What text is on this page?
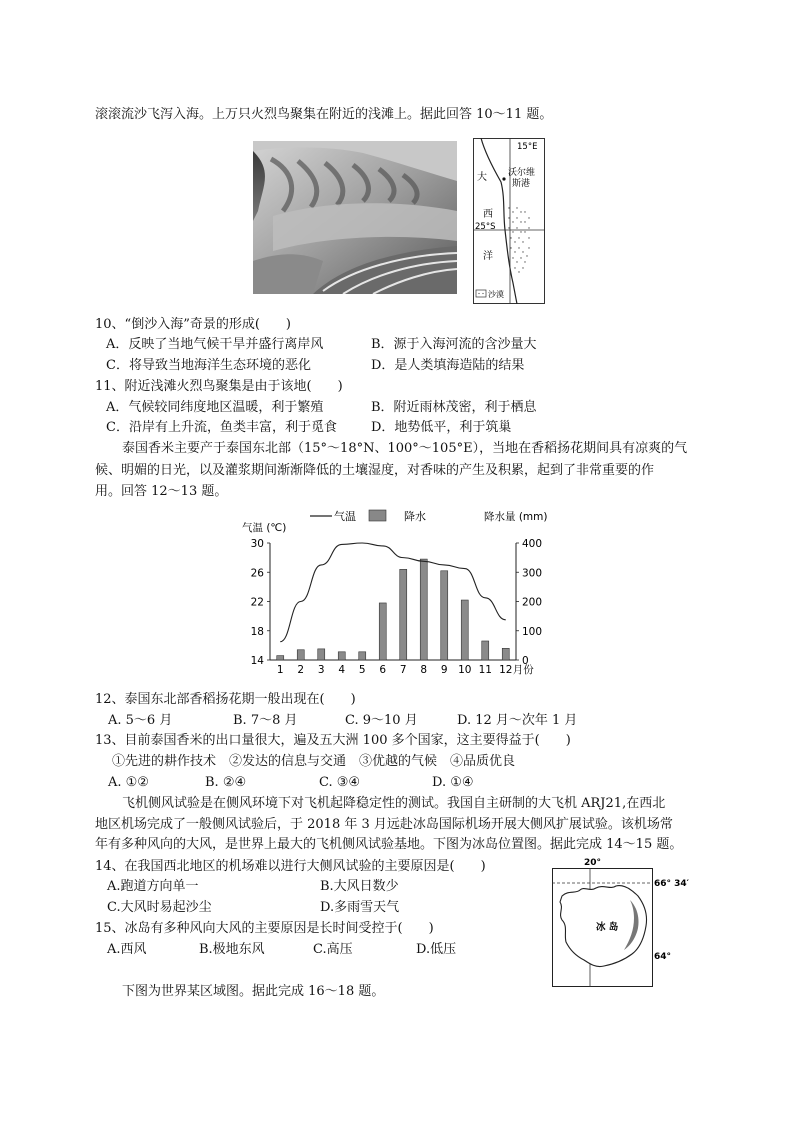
滚滚流沙飞泻入海。上万只火烈鸟聚集在附近的浅滩上。据此回答 10～11 题。
15°E
沃尔维
斯港
大
西
25°S
洋
沙漠
10、“倒沙入海”奇景的形成(　　)
A．反映了当地气候干旱并盛行离岸风	B．源于入海河流的含沙量大
C．将导致当地海洋生态环境的恶化	D．是人类填海造陆的结果
11、附近浅滩火烈鸟聚集是由于该地(　　)
A．气候较同纬度地区温暖，利于繁殖	B．附近雨林茂密，利于栖息
C．沿岸有上升流，鱼类丰富，利于觅食	D．地势低平，利于筑巢
泰国香米主要产于泰国东北部（15°～18°N、100°～105°E），当地在香稻扬花期间具有凉爽的气
候、明媚的日光，以及灌浆期间渐渐降低的土壤湿度，对香味的产生及积累，起到了非常重要的作
用。回答 12～13 题。
气温	降水
气温 (℃)
降水量 (mm)
1 2 3 4 5 6 7 8 9 10 11 12 月份
14
18
22
26
30
0
100
200
300
400
12、泰国东北部香稻扬花期一般出现在(　　)
A. 5～6 月	B. 7～8 月	C. 9～10 月	D. 12 月～次年 1 月
13、目前泰国香米的出口量很大，遍及五大洲 100 多个国家，这主要得益于(　　)
①先进的耕作技术　②发达的信息与交通　③优越的气候　④品质优良
A. ①②	B. ②④	C. ③④	D. ①④
飞机侧风试验是在侧风环境下对飞机起降稳定性的测试。我国自主研制的大飞机 ARJ21,在西北
地区机场完成了一般侧风试验后，于 2018 年 3 月远赴冰岛国际机场开展大侧风扩展试验。该机场常
年有多种风向的大风，是世界上最大的飞机侧风试验基地。下图为冰岛位置图。据此完成 14～15 题。
14、在我国西北地区的机场难以进行大侧风试验的主要原因是(　　)
A.跑道方向单一	B.大风日数少
C.大风时易起沙尘	D.多雨雪天气
15、冰岛有多种风向大风的主要原因是长时间受控于(　　)
A.西风	B.极地东风	C.高压	D.低压
20°
66° 34′
64°
冰 岛
下图为世界某区域图。据此完成 16～18 题。
